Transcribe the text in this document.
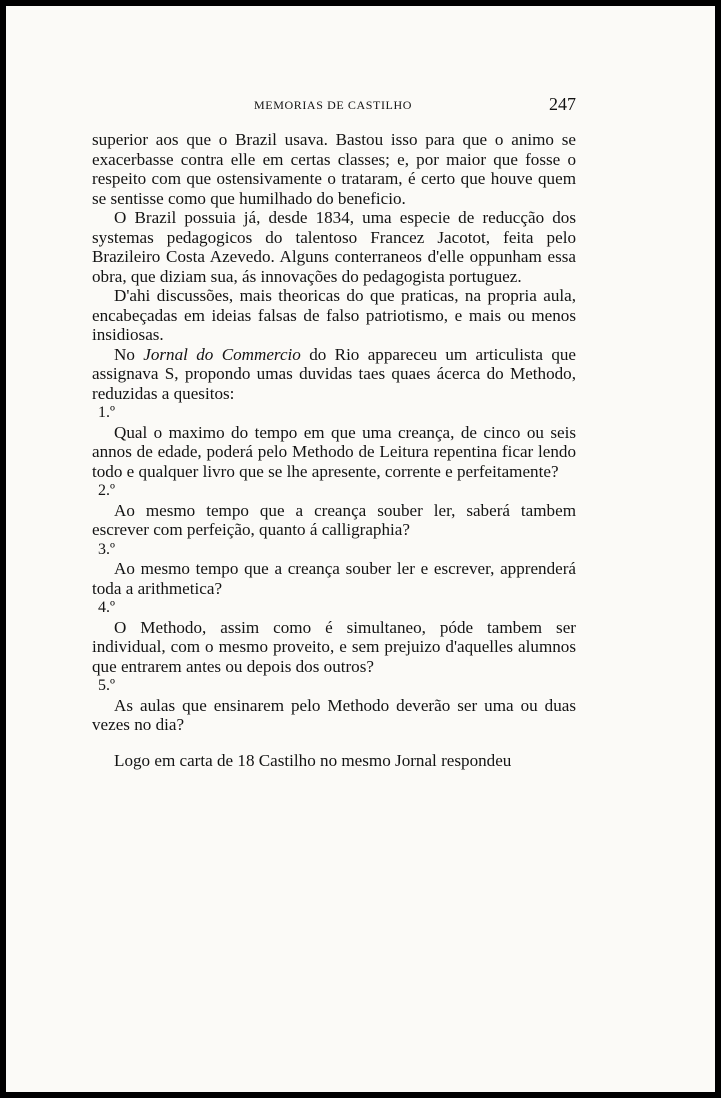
MEMORIAS DE CASTILHO	247

superior aos que o Brazil usava. Bastou isso para que o animo se exacerbasse contra elle em certas classes; e, por maior que fosse o respeito com que ostensivamente o trataram, é certo que houve quem se sentisse como que humilhado do beneficio.

O Brazil possuia já, desde 1834, uma especie de reducção dos systemas pedagogicos do talentoso Francez Jacotot, feita pelo Brazileiro Costa Azevedo. Alguns conterraneos d'elle oppunham essa obra, que diziam sua, ás innovações do pedagogista portuguez.

D'ahi discussões, mais theoricas do que praticas, na propria aula, encabeçadas em ideias falsas de falso patriotismo, e mais ou menos insidiosas.

No Jornal do Commercio do Rio appareceu um articulista que assignava S, propondo umas duvidas taes quaes ácerca do Methodo, reduzidas a quesitos:

1.º

Qual o maximo do tempo em que uma creança, de cinco ou seis annos de edade, poderá pelo Methodo de Leitura repentina ficar lendo todo e qualquer livro que se lhe apresente, corrente e perfeitamente?

2.º

Ao mesmo tempo que a creança souber ler, saberá tambem escrever com perfeição, quanto á calligraphia?

3.º

Ao mesmo tempo que a creança souber ler e escrever, apprenderá toda a arithmetica?

4.º

O Methodo, assim como é simultaneo, póde tambem ser individual, com o mesmo proveito, e sem prejuizo d'aquelles alumnos que entrarem antes ou depois dos outros?

5.º

As aulas que ensinarem pelo Methodo deverão ser uma ou duas vezes no dia?

Logo em carta de 18 Castilho no mesmo Jornal respondeu
